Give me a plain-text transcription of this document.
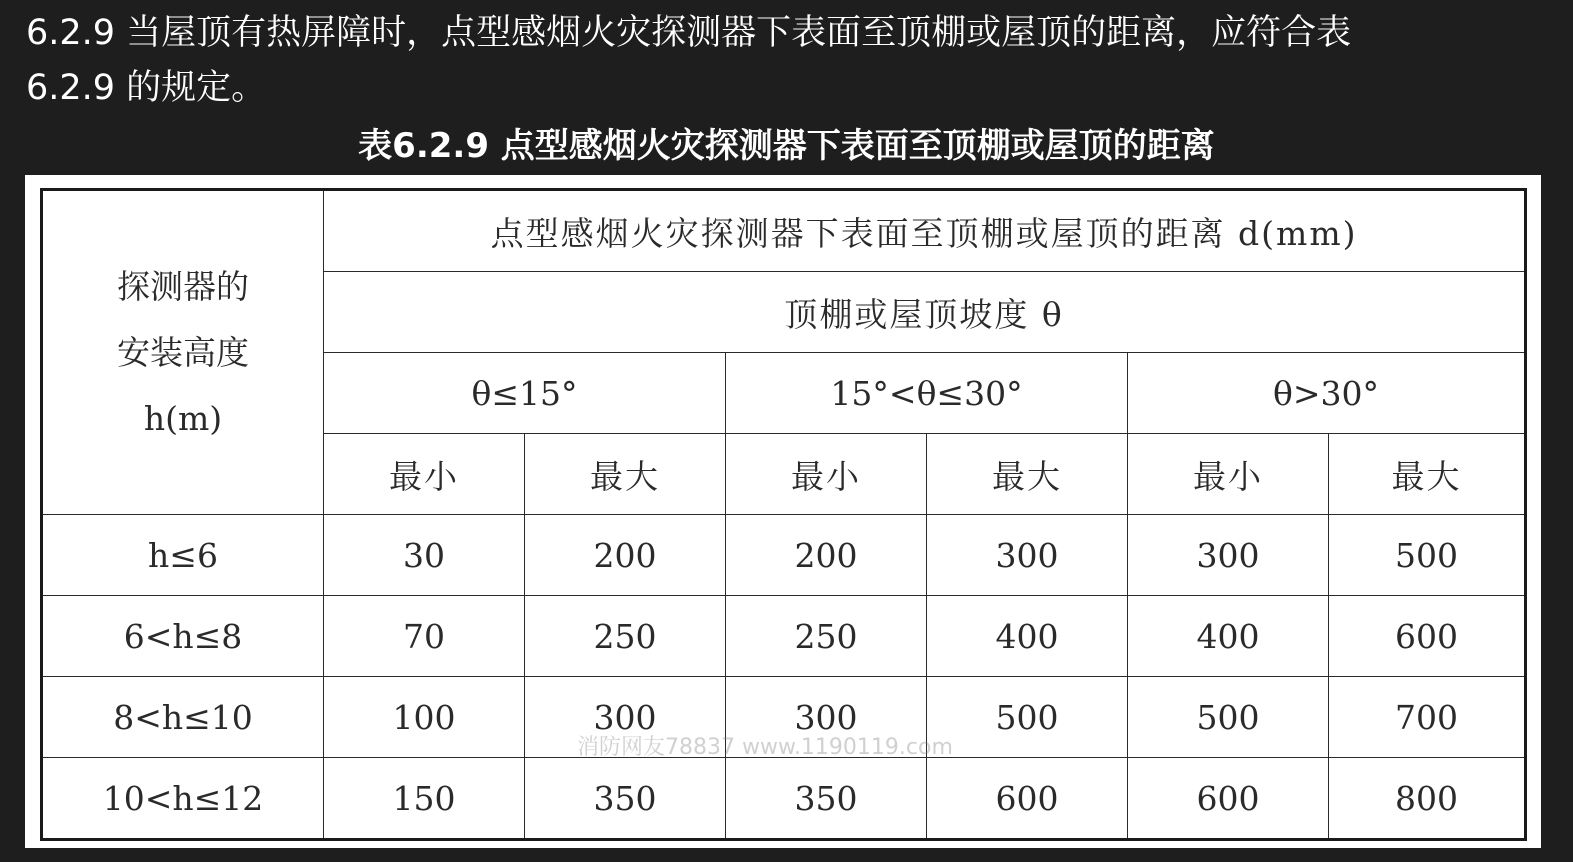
6.2.9 当屋顶有热屏障时，点型感烟火灾探测器下表面至顶棚或屋顶的距离，应符合表
6.2.9 的规定。

表6.2.9 点型感烟火灾探测器下表面至顶棚或屋顶的距离
探测器的
安装高度
h(m)	点型感烟火灾探测器下表面至顶棚或屋顶的距离 d(mm)					
	顶棚或屋顶坡度 θ					
	θ≤15°		15°<θ≤30°		θ>30°	
	最小	最大	最小	最大	最小	最大
h≤6	30	200	200	300	300	500
6<h≤8	70	250	250	400	400	600
8<h≤10	100	300	300	500	500	700
10<h≤12	150	350	350	600	600	800
消防网友78837 www.1190119.com
